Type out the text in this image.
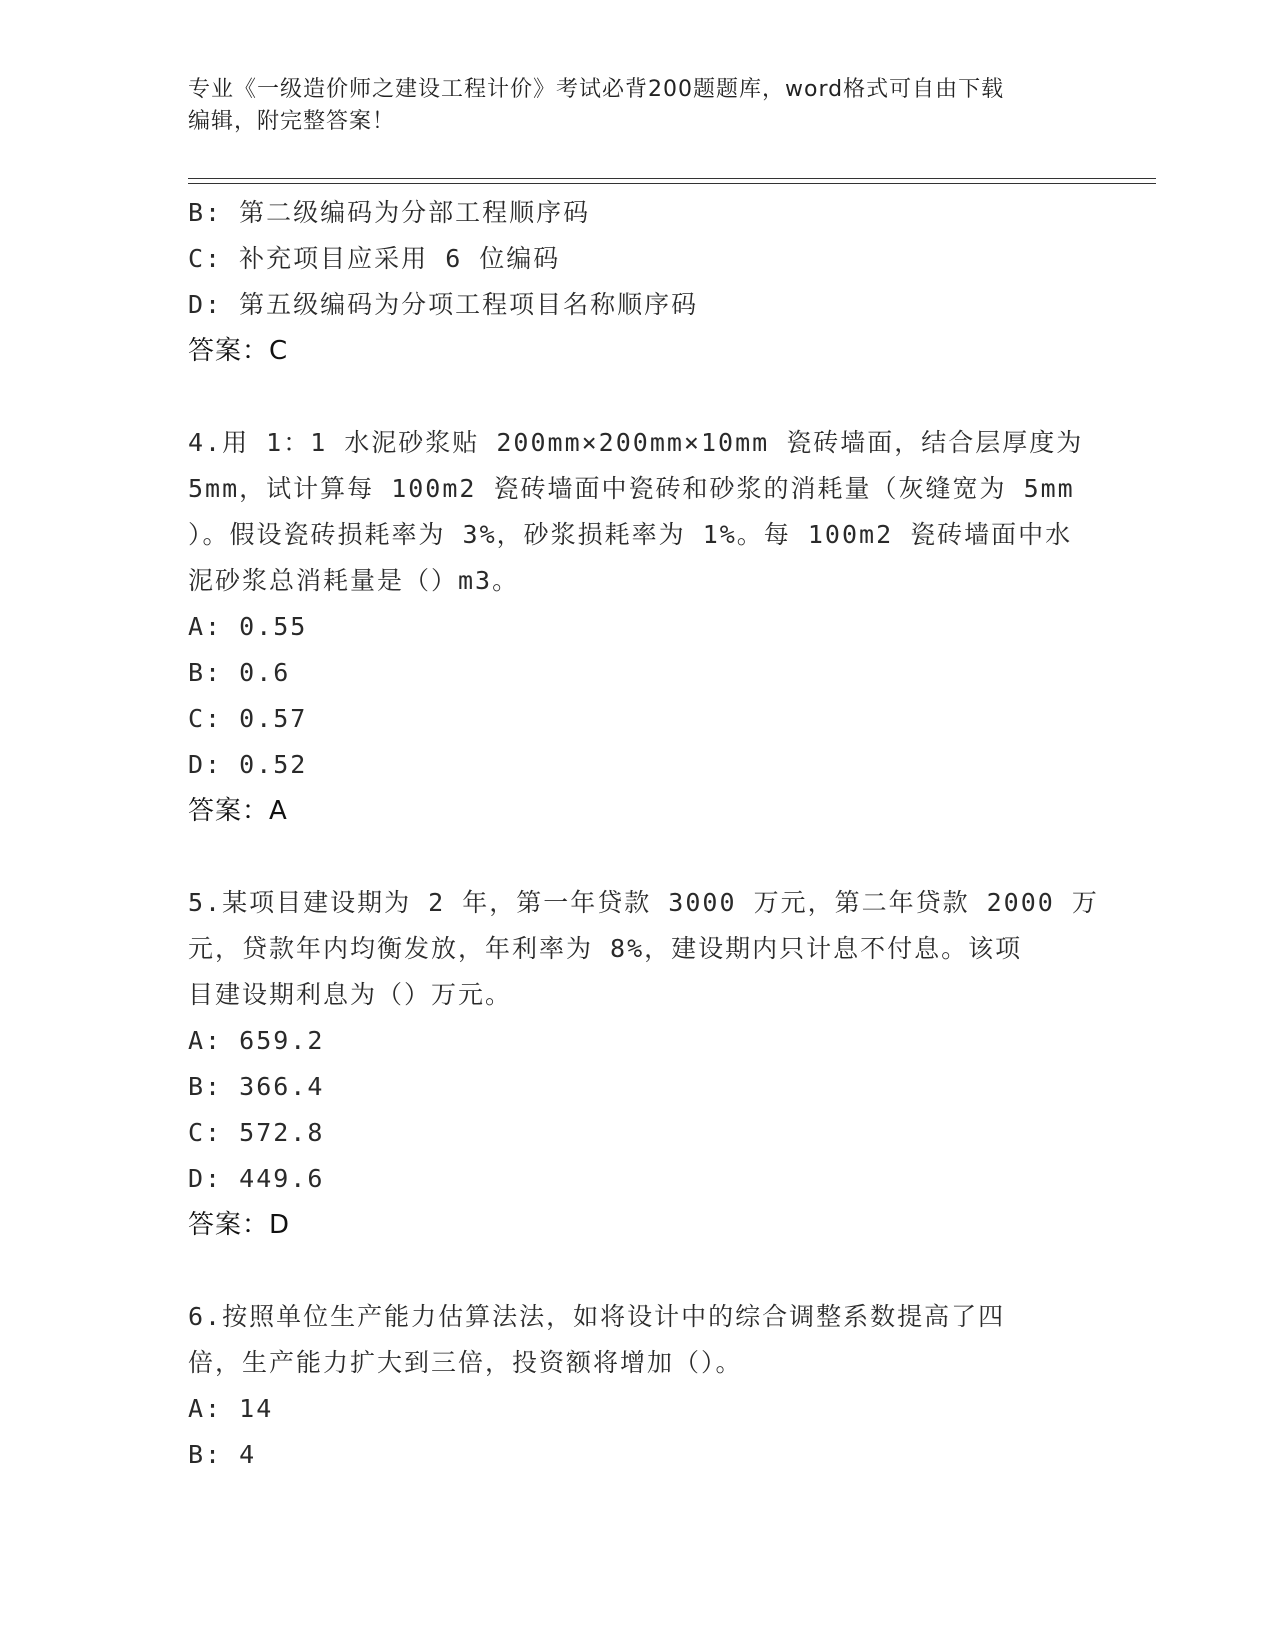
专业《一级造价师之建设工程计价》考试必背200题题库，word格式可自由下载
编辑，附完整答案！
B: 第二级编码为分部工程顺序码
C: 补充项目应采用 6 位编码
D: 第五级编码为分项工程项目名称顺序码
答案：C
4.用 1：1 水泥砂浆贴 200mm×200mm×10mm 瓷砖墙面，结合层厚度为
5mm，试计算每 100m2 瓷砖墙面中瓷砖和砂浆的消耗量（灰缝宽为 5mm
）。假设瓷砖损耗率为 3%，砂浆损耗率为 1%。每 100m2 瓷砖墙面中水
泥砂浆总消耗量是（）m3。
A: 0.55
B: 0.6
C: 0.57
D: 0.52
答案：A
5.某项目建设期为 2 年，第一年贷款 3000 万元，第二年贷款 2000 万
元，贷款年内均衡发放，年利率为 8%，建设期内只计息不付息。该项
目建设期利息为（）万元。
A: 659.2
B: 366.4
C: 572.8
D: 449.6
答案：D
6.按照单位生产能力估算法法，如将设计中的综合调整系数提高了四
倍，生产能力扩大到三倍，投资额将增加（）。
A: 14
B: 4
